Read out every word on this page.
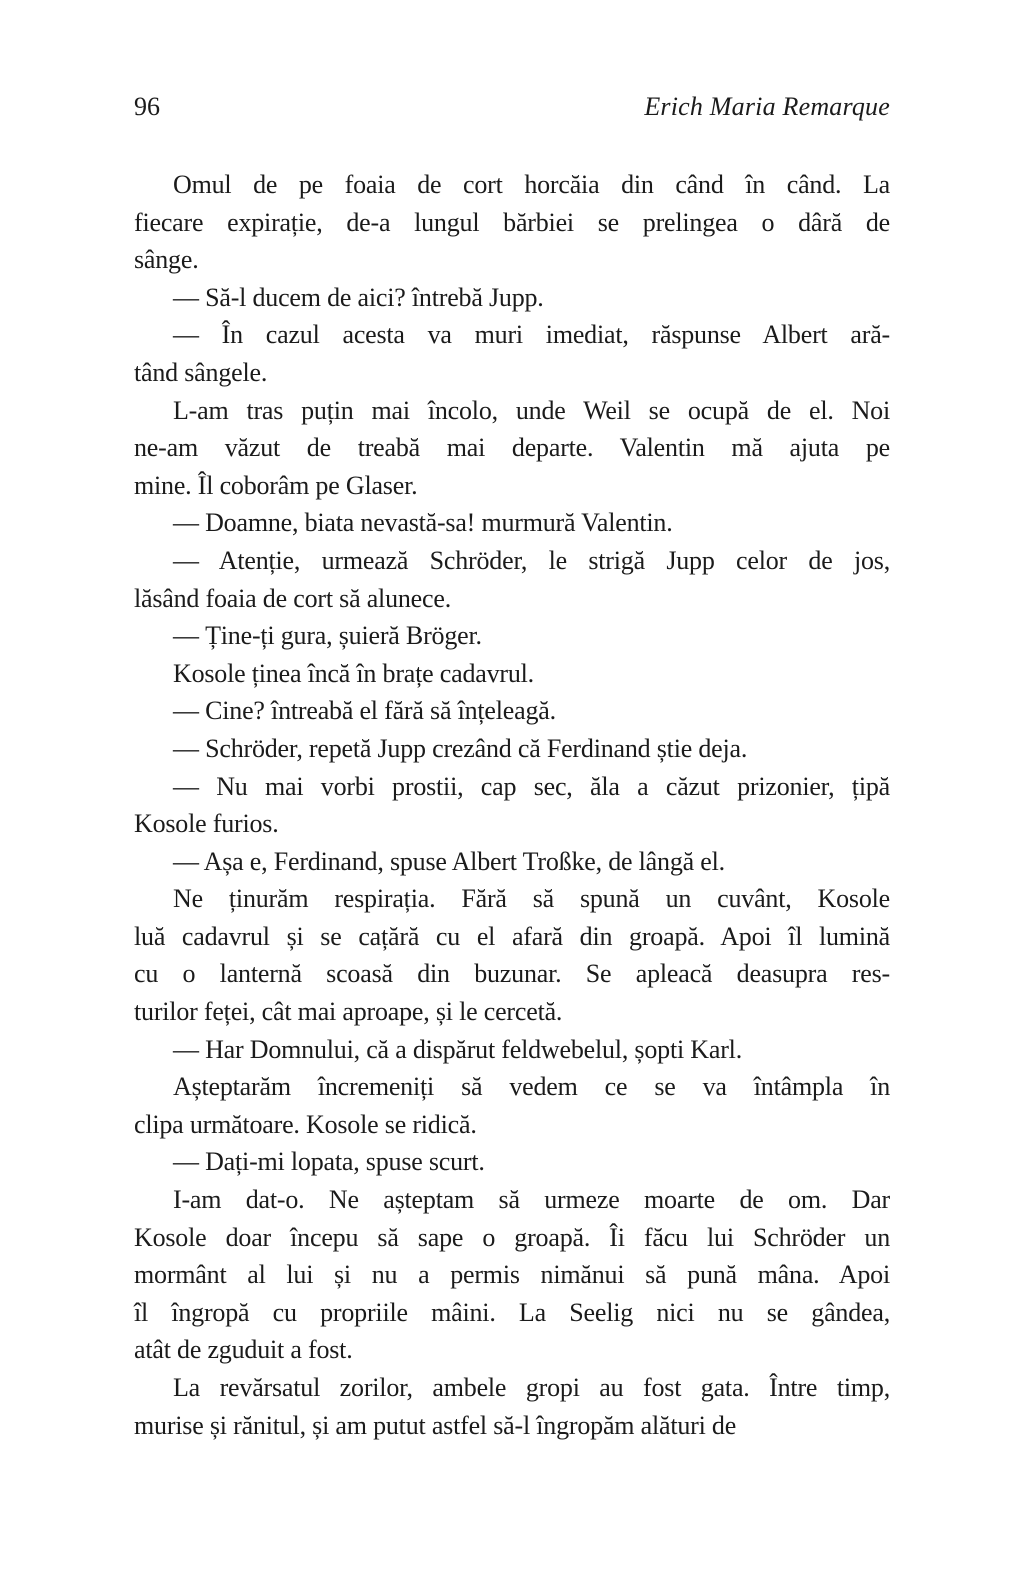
96	Erich Maria Remarque

Omul de pe foaia de cort horcăia din când în când. La
fiecare expirație, de-a lungul bărbiei se prelingea o dâră de
sânge.

— Să-l ducem de aici? întrebă Jupp.

— În cazul acesta va muri imediat, răspunse Albert ară-
tând sângele.

L-am tras puțin mai încolo, unde Weil se ocupă de el. Noi
ne-am văzut de treabă mai departe. Valentin mă ajuta pe
mine. Îl coborâm pe Glaser.

— Doamne, biata nevastă-sa! murmură Valentin.

— Atenție, urmează Schröder, le strigă Jupp celor de jos,
lăsând foaia de cort să alunece.

— Ține-ți gura, șuieră Bröger.

Kosole ținea încă în brațe cadavrul.

— Cine? întreabă el fără să înțeleagă.

— Schröder, repetă Jupp crezând că Ferdinand știe deja.

— Nu mai vorbi prostii, cap sec, ăla a căzut prizonier, țipă
Kosole furios.

— Așa e, Ferdinand, spuse Albert Troßke, de lângă el.

Ne ținurăm respirația. Fără să spună un cuvânt, Kosole
luă cadavrul și se cațără cu el afară din groapă. Apoi îl lumină
cu o lanternă scoasă din buzunar. Se apleacă deasupra res-
turilor feței, cât mai aproape, și le cercetă.

— Har Domnului, că a dispărut feldwebelul, șopti Karl.

Așteptarăm încremeniți să vedem ce se va întâmpla în
clipa următoare. Kosole se ridică.

— Dați-mi lopata, spuse scurt.

I-am dat-o. Ne așteptam să urmeze moarte de om. Dar
Kosole doar începu să sape o groapă. Îi făcu lui Schröder un
mormânt al lui și nu a permis nimănui să pună mâna. Apoi
îl îngropă cu propriile mâini. La Seelig nici nu se gândea,
atât de zguduit a fost.

La revărsatul zorilor, ambele gropi au fost gata. Între timp,
murise și rănitul, și am putut astfel să-l îngropăm alături de
